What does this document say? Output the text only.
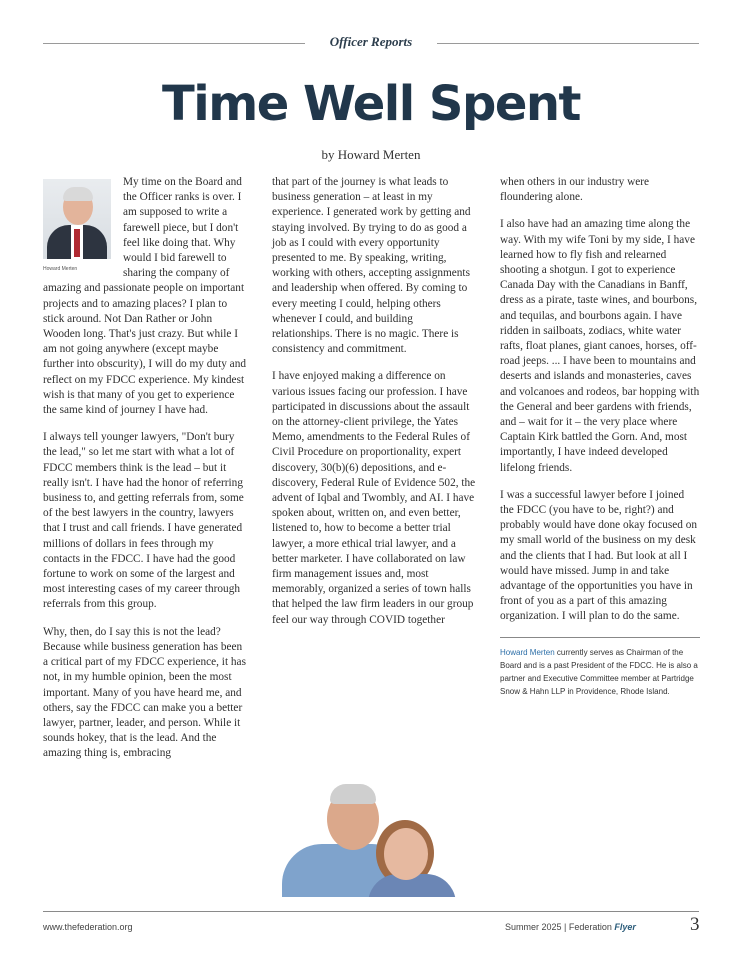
Officer Reports
Time Well Spent
by Howard Merten
Howard Merten

My time on the Board and the Officer ranks is over. I am supposed to write a farewell piece, but I don't feel like doing that. Why would I bid farewell to sharing the company of amazing and passionate people on important projects and to amazing places? I plan to stick around. Not Dan Rather or John Wooden long. That's just crazy. But while I am not going anywhere (except maybe further into obscurity), I will do my duty and reflect on my FDCC experience. My kindest wish is that many of you get to experience the same kind of journey I have had.

I always tell younger lawyers, "Don't bury the lead," so let me start with what a lot of FDCC members think is the lead – but it really isn't. I have had the honor of referring business to, and getting referrals from, some of the best lawyers in the country, lawyers that I trust and call friends. I have generated millions of dollars in fees through my contacts in the FDCC. I have had the good fortune to work on some of the largest and most interesting cases of my career through referrals from this group.

Why, then, do I say this is not the lead? Because while business generation has been a critical part of my FDCC experience, it has not, in my humble opinion, been the most important. Many of you have heard me, and others, say the FDCC can make you a better lawyer, partner, leader, and person. While it sounds hokey, that is the lead. And the amazing thing is, embracing

that part of the journey is what leads to business generation – at least in my experience. I generated work by getting and staying involved. By trying to do as good a job as I could with every opportunity presented to me. By speaking, writing, working with others, accepting assignments and leadership when offered. By coming to every meeting I could, helping others whenever I could, and building relationships. There is no magic. There is consistency and commitment.

I have enjoyed making a difference on various issues facing our profession. I have participated in discussions about the assault on the attorney-client privilege, the Yates Memo, amendments to the Federal Rules of Civil Procedure on proportionality, expert discovery, 30(b)(6) depositions, and e-discovery, Federal Rule of Evidence 502, the advent of Iqbal and Twombly, and AI. I have spoken about, written on, and even better, listened to, how to become a better trial lawyer, a more ethical trial lawyer, and a better marketer. I have collaborated on law firm management issues and, most memorably, organized a series of town halls that helped the law firm leaders in our group feel our way through COVID together

when others in our industry were floundering alone.

I also have had an amazing time along the way. With my wife Toni by my side, I have learned how to fly fish and relearned shooting a shotgun. I got to experience Canada Day with the Canadians in Banff, dress as a pirate, taste wines, and bourbons, and tequilas, and bourbons again. I have ridden in sailboats, zodiacs, white water rafts, float planes, giant canoes, horses, off-road jeeps. ... I have been to mountains and deserts and islands and monasteries, caves and volcanoes and rodeos, bar hopping with the General and beer gardens with friends, and – wait for it – the very place where Captain Kirk battled the Gorn. And, most importantly, I have indeed developed lifelong friends.

I was a successful lawyer before I joined the FDCC (you have to be, right?) and probably would have done okay focused on my small world of the business on my desk and the clients that I had. But look at all I would have missed. Jump in and take advantage of the opportunities you have in front of you as a part of this amazing organization. I will plan to do the same.

Howard Merten currently serves as Chairman of the Board and is a past President of the FDCC. He is also a partner and Executive Committee member at Partridge Snow & Hahn LLP in Providence, Rhode Island.
www.thefederation.org	Summer 2025 | Federation Flyer	3
